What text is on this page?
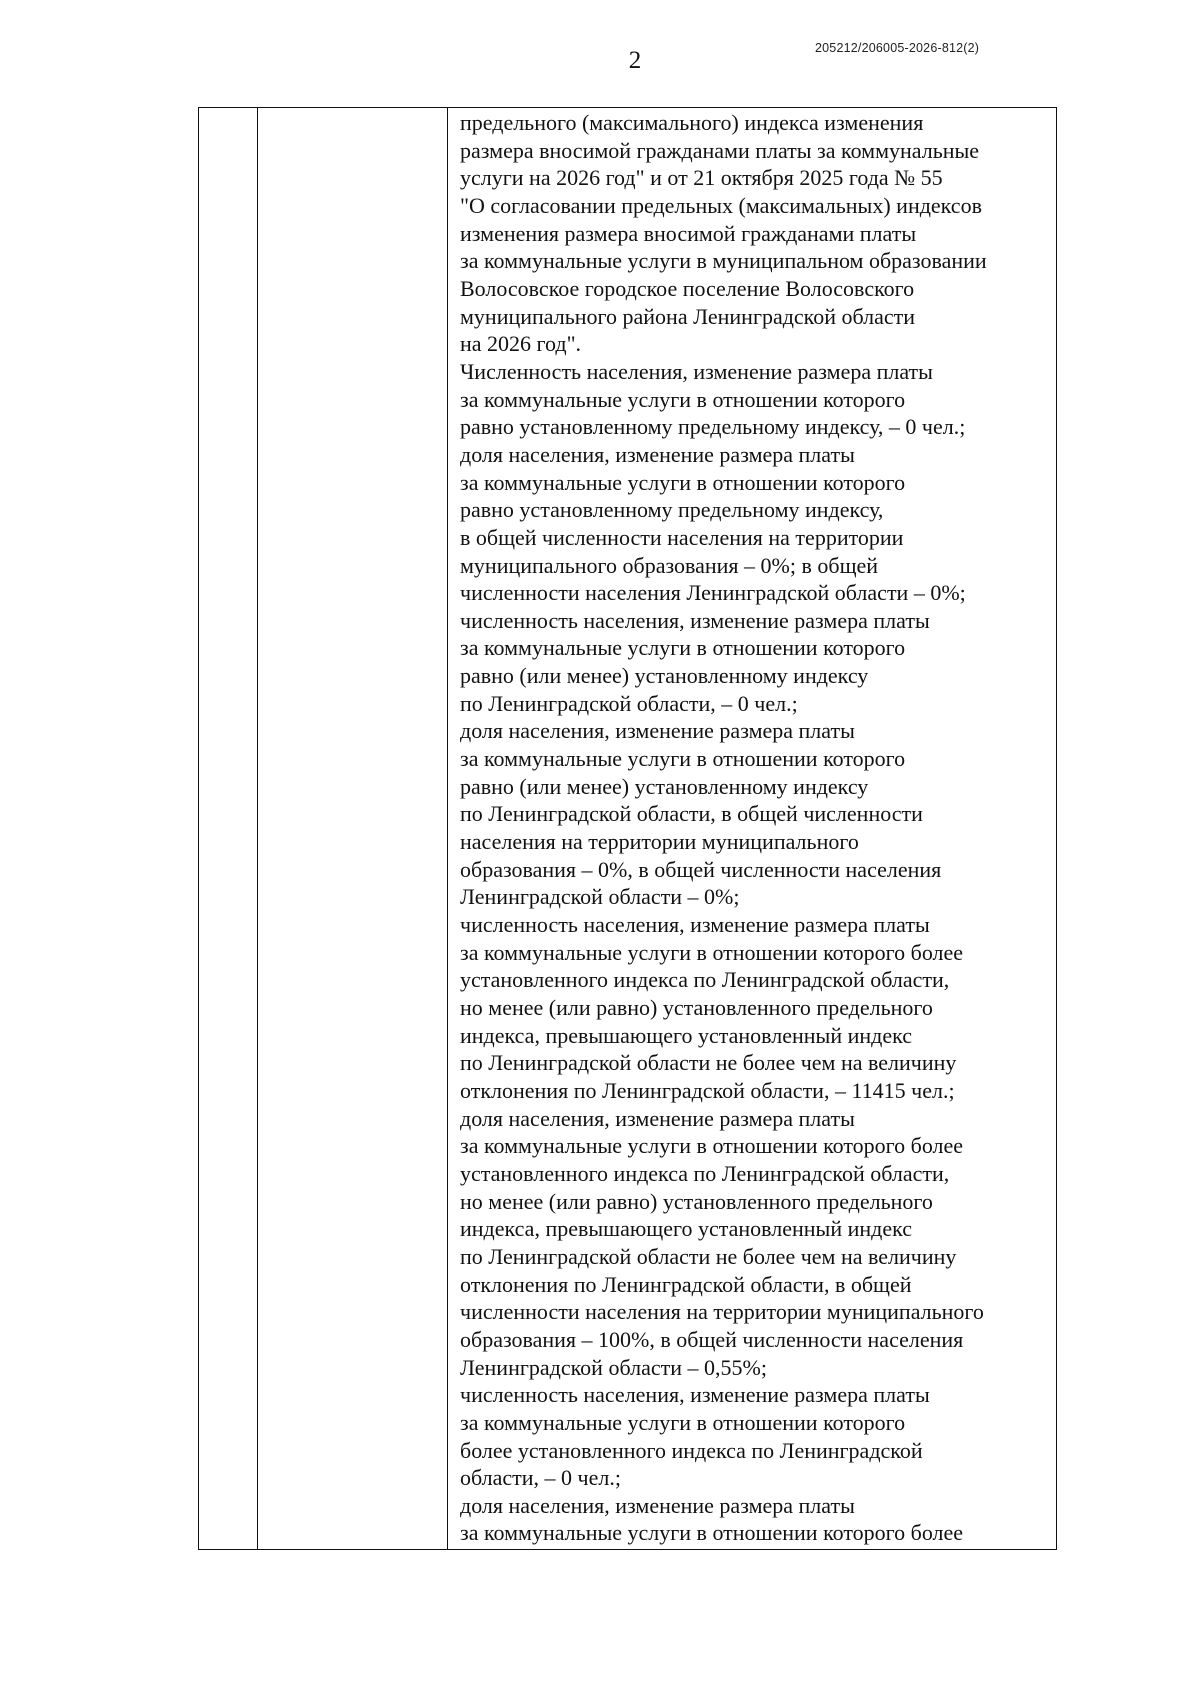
2	205212/206005-2026-812(2)
предельного (максимального) индекса изменения
размера вносимой гражданами платы за коммунальные
услуги на 2026 год" и от 21 октября 2025 года № 55
"О согласовании предельных (максимальных) индексов
изменения размера вносимой гражданами платы
за коммунальные услуги в муниципальном образовании
Волосовское городское поселение Волосовского
муниципального района Ленинградской области
на 2026 год".
Численность населения, изменение размера платы
за коммунальные услуги в отношении которого
равно установленному предельному индексу, – 0 чел.;
доля населения, изменение размера платы
за коммунальные услуги в отношении которого
равно установленному предельному индексу,
в общей численности населения на территории
муниципального образования – 0%; в общей
численности населения Ленинградской области – 0%;
численность населения, изменение размера платы
за коммунальные услуги в отношении которого
равно (или менее) установленному индексу
по Ленинградской области, – 0 чел.;
доля населения, изменение размера платы
за коммунальные услуги в отношении которого
равно (или менее) установленному индексу
по Ленинградской области, в общей численности
населения на территории муниципального
образования – 0%, в общей численности населения
Ленинградской области – 0%;
численность населения, изменение размера платы
за коммунальные услуги в отношении которого более
установленного индекса по Ленинградской области,
но менее (или равно) установленного предельного
индекса, превышающего установленный индекс
по Ленинградской области не более чем на величину
отклонения по Ленинградской области, – 11415 чел.;
доля населения, изменение размера платы
за коммунальные услуги в отношении которого более
установленного индекса по Ленинградской области,
но менее (или равно) установленного предельного
индекса, превышающего установленный индекс
по Ленинградской области не более чем на величину
отклонения по Ленинградской области, в общей
численности населения на территории муниципального
образования – 100%, в общей численности населения
Ленинградской области – 0,55%;
численность населения, изменение размера платы
за коммунальные услуги в отношении которого
более установленного индекса по Ленинградской
области, – 0 чел.;
доля населения, изменение размера платы
за коммунальные услуги в отношении которого более
